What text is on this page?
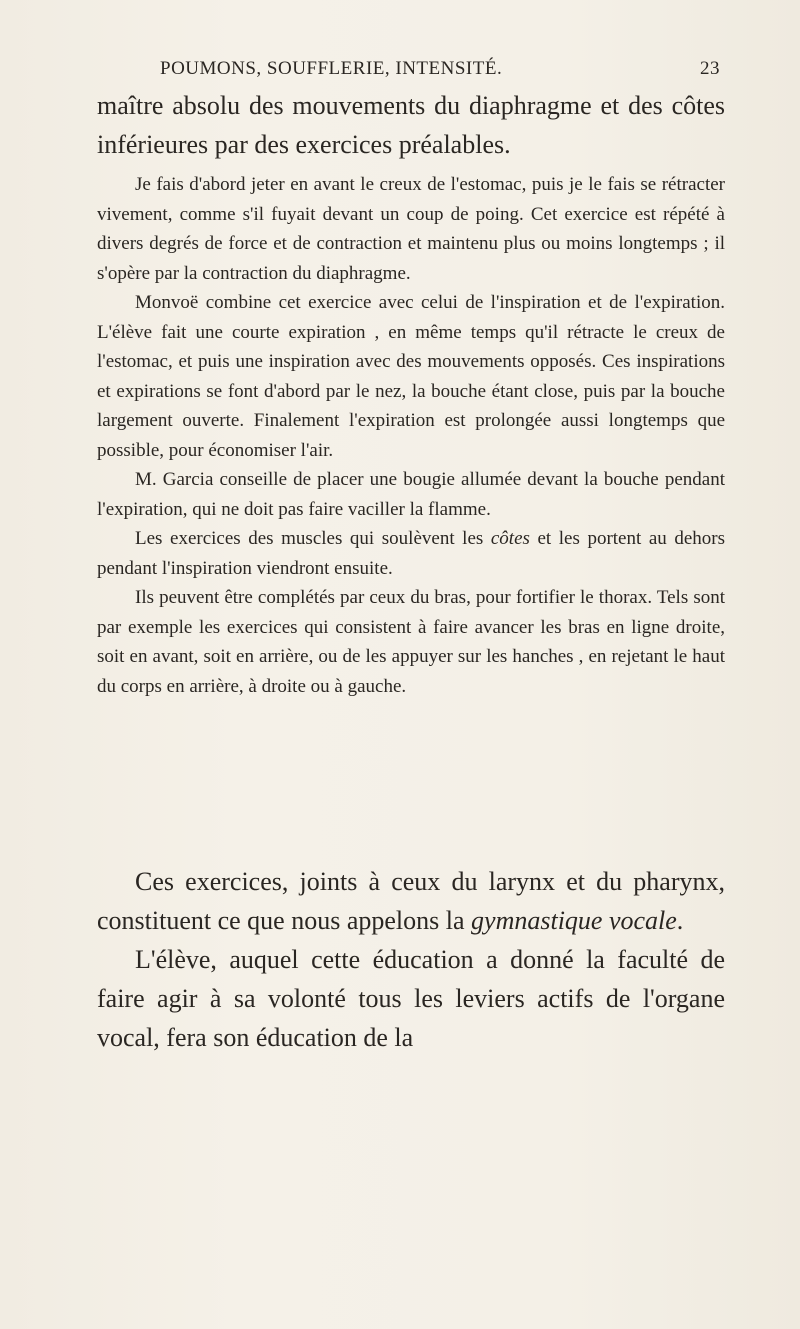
POUMONS, SOUFFLERIE, INTENSITÉ.	23

maître absolu des mouvements du diaphragme et des côtes inférieures par des exercices préalables.

Je fais d'abord jeter en avant le creux de l'estomac, puis je le fais se rétracter vivement, comme s'il fuyait devant un coup de poing. Cet exercice est répété à divers degrés de force et de contraction et maintenu plus ou moins longtemps ; il s'opère par la contraction du diaphragme.

Monvoë combine cet exercice avec celui de l'inspiration et de l'expiration. L'élève fait une courte expiration , en même temps qu'il rétracte le creux de l'estomac, et puis une inspiration avec des mouvements opposés. Ces inspirations et expirations se font d'abord par le nez, la bouche étant close, puis par la bouche largement ouverte. Finalement l'expiration est prolongée aussi longtemps que possible, pour économiser l'air.

M. Garcia conseille de placer une bougie allumée devant la bouche pendant l'expiration, qui ne doit pas faire vaciller la flamme.

Les exercices des muscles qui soulèvent les côtes et les portent au dehors pendant l'inspiration viendront ensuite.

Ils peuvent être complétés par ceux du bras, pour fortifier le thorax. Tels sont par exemple les exercices qui consistent à faire avancer les bras en ligne droite, soit en avant, soit en arrière, ou de les appuyer sur les hanches , en rejetant le haut du corps en arrière, à droite ou à gauche.

Ces exercices, joints à ceux du larynx et du pharynx, constituent ce que nous appelons la gymnastique vocale.

L'élève, auquel cette éducation a donné la faculté de faire agir à sa volonté tous les leviers actifs de l'organe vocal, fera son éducation de la
